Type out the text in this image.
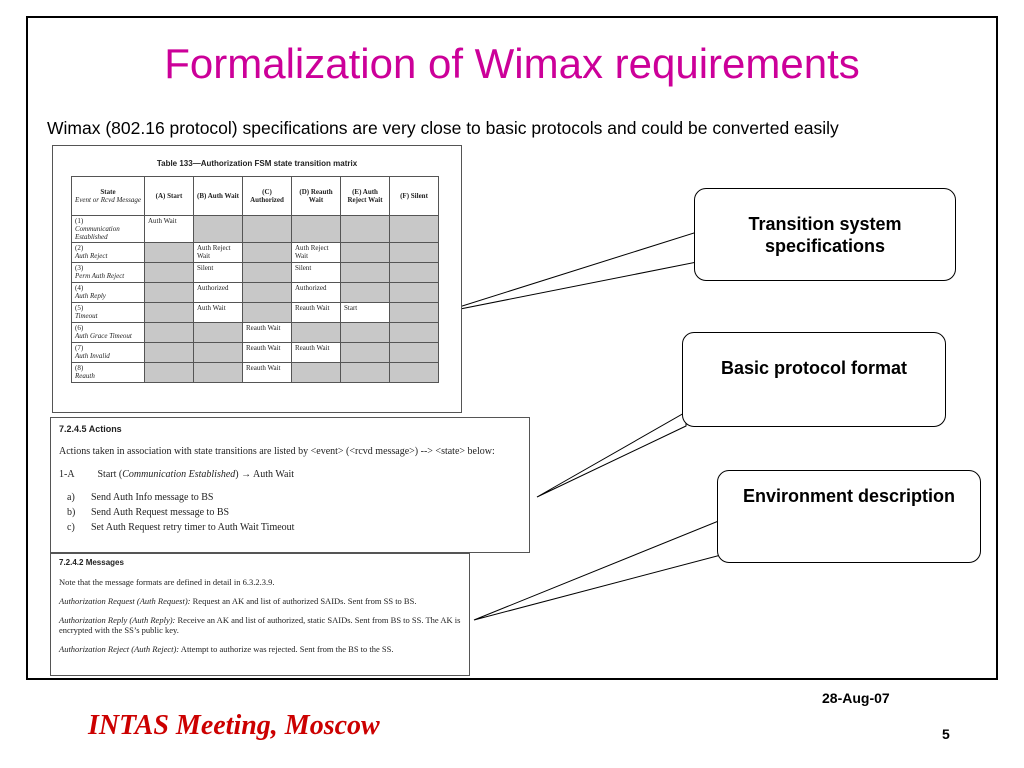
Formalization of Wimax requirements
Wimax (802.16 protocol) specifications are very close to basic protocols and could be converted easily
Table 133—Authorization FSM state transition matrix
State
Event or Rcvd Message	(A) Start	(B) Auth Wait	(C) Authorized	(D) Reauth Wait	(E) Auth Reject Wait	(F) Silent

(1)
Communication Established	Auth Wait					

(2)
Auth Reject		Auth Reject Wait		Auth Reject Wait		

(3)
Perm Auth Reject		Silent		Silent		

(4)
Auth Reply		Authorized		Authorized		

(5)
Timeout		Auth Wait		Reauth Wait	Start	

(6)
Auth Grace Timeout			Reauth Wait			

(7)
Auth Invalid			Reauth Wait	Reauth Wait		

(8)
Reauth			Reauth Wait			
7.2.4.5 Actions
Actions taken in association with state transitions are listed by <event> (<rcvd message>) --> <state> below:
1-A Start (Communication Established) → Auth Wait
a) Send Auth Info message to BS
b) Send Auth Request message to BS
c) Set Auth Request retry timer to Auth Wait Timeout
7.2.4.2 Messages

Note that the message formats are defined in detail in 6.3.2.3.9.

Authorization Request (Auth Request): Request an AK and list of authorized SAIDs. Sent from SS to BS.

Authorization Reply (Auth Reply): Receive an AK and list of authorized, static SAIDs. Sent from BS to SS. The AK is encrypted with the SS’s public key.

Authorization Reject (Auth Reject): Attempt to authorize was rejected. Sent from the BS to the SS.

Transition system specifications
Basic protocol format
Environment description
28-Aug-07
INTAS Meeting, Moscow	5
